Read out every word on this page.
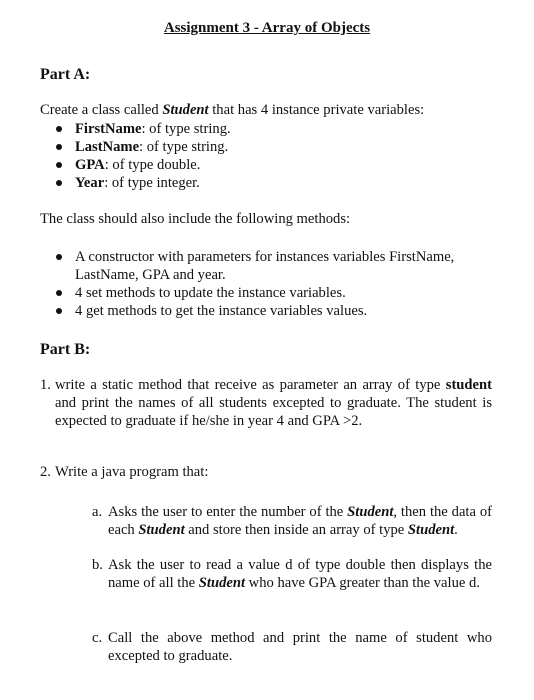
Assignment 3 - Array of Objects
Part A:
Create a class called Student that has 4 instance private variables:
FirstName: of type string.
LastName: of type string.
GPA: of type double.
Year: of type integer.
The class should also include the following methods:
A constructor with parameters for instances variables FirstName, LastName, GPA and year.
4 set methods to update the instance variables.
4 get methods to get the instance variables values.
Part B:
1. write a static method that receive as parameter an array of type student and print the names of all students excepted to graduate. The student is expected to graduate if he/she in year 4 and GPA >2.
2. Write a java program that:
a. Asks the user to enter the number of the Student, then the data of each Student and store then inside an array of type Student.
b. Ask the user to read a value d of type double then displays the name of all the Student who have GPA greater than the value d.
c. Call the above method and print the name of student who excepted to graduate.
